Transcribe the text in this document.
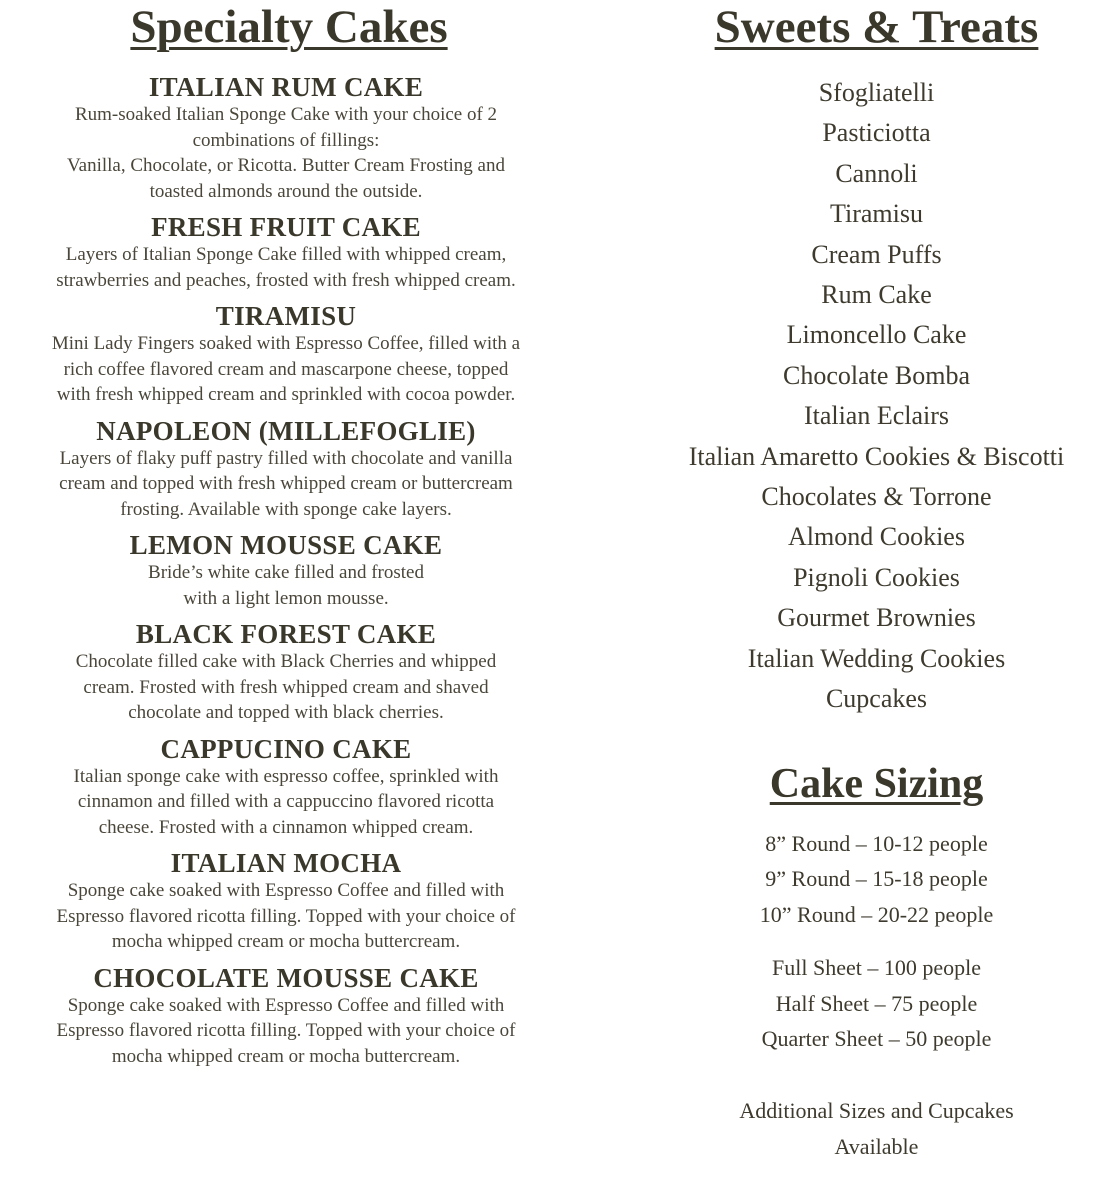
Specialty Cakes
ITALIAN RUM CAKE
Rum-soaked Italian Sponge Cake with your choice of 2
combinations of fillings:
Vanilla, Chocolate, or Ricotta. Butter Cream Frosting and
toasted almonds around the outside.
FRESH FRUIT CAKE
Layers of Italian Sponge Cake filled with whipped cream,
strawberries and peaches, frosted with fresh whipped cream.
TIRAMISU
Mini Lady Fingers soaked with Espresso Coffee, filled with a
rich coffee flavored cream and mascarpone cheese, topped
with fresh whipped cream and sprinkled with cocoa powder.
NAPOLEON (MILLEFOGLIE)
Layers of flaky puff pastry filled with chocolate and vanilla
cream and topped with fresh whipped cream or buttercream
frosting. Available with sponge cake layers.
LEMON MOUSSE CAKE
Bride’s white cake filled and frosted
with a light lemon mousse.
BLACK FOREST CAKE
Chocolate filled cake with Black Cherries and whipped
cream. Frosted with fresh whipped cream and shaved
chocolate and topped with black cherries.
CAPPUCINO CAKE
Italian sponge cake with espresso coffee, sprinkled with
cinnamon and filled with a cappuccino flavored ricotta
cheese. Frosted with a cinnamon whipped cream.
ITALIAN MOCHA
Sponge cake soaked with Espresso Coffee and filled with
Espresso flavored ricotta filling. Topped with your choice of
mocha whipped cream or mocha buttercream.
CHOCOLATE MOUSSE CAKE
Sponge cake soaked with Espresso Coffee and filled with
Espresso flavored ricotta filling. Topped with your choice of
mocha whipped cream or mocha buttercream.
Sweets & Treats
Sfogliatelli
Pasticiotta
Cannoli
Tiramisu
Cream Puffs
Rum Cake
Limoncello Cake
Chocolate Bomba
Italian Eclairs
Italian Amaretto Cookies & Biscotti
Chocolates & Torrone
Almond Cookies
Pignoli Cookies
Gourmet Brownies
Italian Wedding Cookies
Cupcakes
Cake Sizing
8” Round – 10-12 people
9” Round – 15-18 people
10” Round – 20-22 people
Full Sheet – 100 people
Half Sheet – 75 people
Quarter Sheet – 50 people
Additional Sizes and Cupcakes
Available
